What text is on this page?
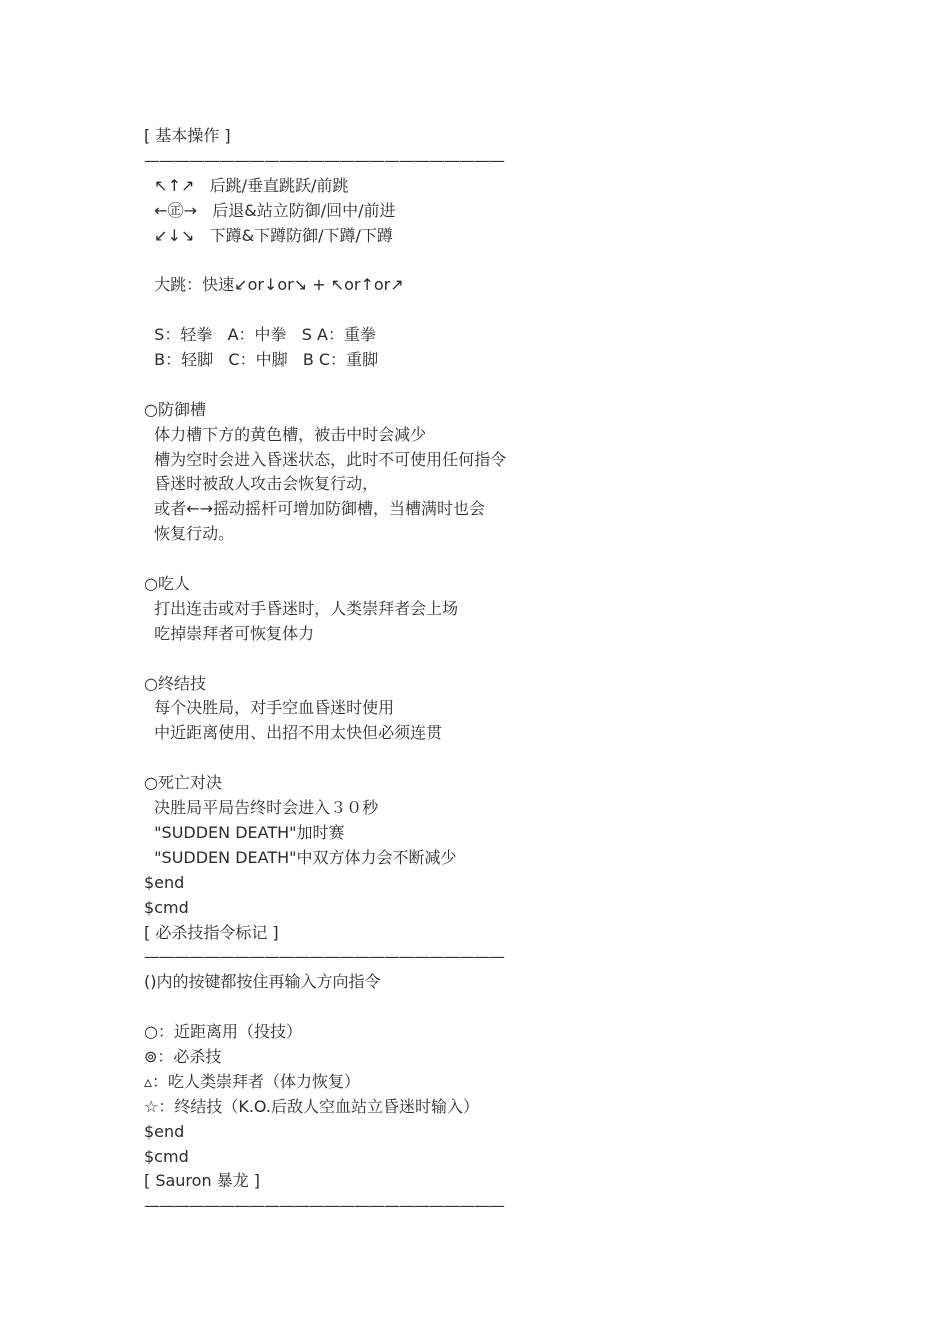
[ 基本操作 ]
————————————————————————
↖↑↗   后跳/垂直跳跃/前跳
←㊣→   后退&站立防御/回中/前进
↙↓↘   下蹲&下蹲防御/下蹲/下蹲
大跳：快速↙or↓or↘ + ↖or↑or↗
S：轻拳   A：中拳   S A：重拳
B：轻脚   C：中脚   B C：重脚
○防御槽
体力槽下方的黄色槽，被击中时会减少
槽为空时会进入昏迷状态，此时不可使用任何指令
昏迷时被敌人攻击会恢复行动，
或者←→摇动摇杆可增加防御槽，当槽满时也会
恢复行动。
○吃人
打出连击或对手昏迷时，人类崇拜者会上场
吃掉崇拜者可恢复体力
○终结技
每个决胜局，对手空血昏迷时使用
中近距离使用、出招不用太快但必须连贯
○死亡对决
决胜局平局告终时会进入３０秒
"SUDDEN DEATH"加时赛
"SUDDEN DEATH"中双方体力会不断减少
$end
$cmd
[ 必杀技指令标记 ]
————————————————————————
()内的按键都按住再输入方向指令
○：近距离用（投技）
⊚：必杀技
▵：吃人类崇拜者（体力恢复）
☆：终结技（K.O.后敌人空血站立昏迷时输入）
$end
$cmd
[ Sauron 暴龙 ]
————————————————————————
